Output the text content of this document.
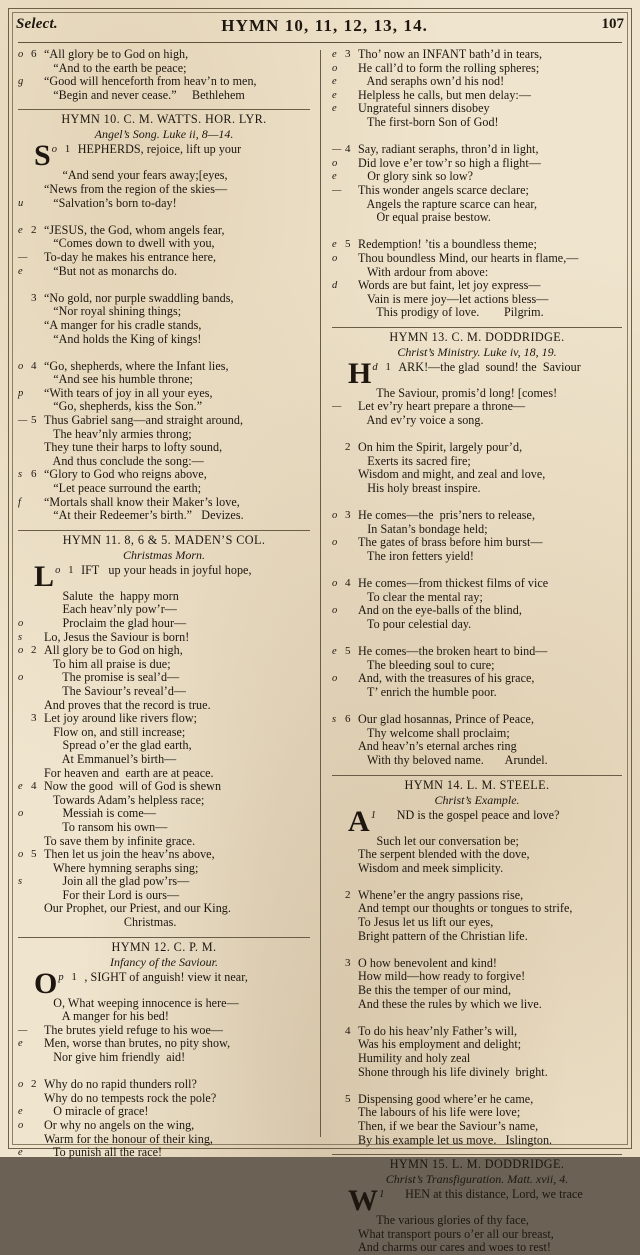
Select.	HYMN 10, 11, 12, 13, 14.	107
o 6 “All glory be to God on high,
“And to the earth be peace;
g “Good will henceforth from heav’n to men,
“Begin and never cease.”     Bethlehem
HYMN 10. C. M. WATTS. HOR. LYR.
Angel’s Song. Luke ii, 8—14.
o 1
S HEPHERDS, rejoice, lift up your
“And send your fears away;[eyes,
“News from the region of the skies—
u   “Salvation’s born to-day!
e 2 “JESUS, the God, whom angels fear,
“Comes down to dwell with you,
— To-day he makes his entrance here,
e   “But not as monarchs do.
3 “No gold, nor purple swaddling bands,
“Nor royal shining things;
“A manger for his cradle stands,
“And holds the King of kings!
o 4 “Go, shepherds, where the Infant lies,
“And see his humble throne;
p “With tears of joy in all your eyes,
“Go, shepherds, kiss the Son.”
— 5 Thus Gabriel sang—and straight around,
The heav’nly armies throng;
They tune their harps to lofty sound,
And thus conclude the song:—
s 6 “Glory to God who reigns above,
“Let peace surround the earth;
f “Mortals shall know their Maker’s love,
“At their Redeemer’s birth.”   Devizes.
HYMN 11. 8, 6 & 5. MADEN’S COL.
Christmas Morn.
o 1
L IFT   up your heads in joyful hope,
Salute  the  happy morn
Each heav’nly pow’r—
o      Proclaim the glad hour—
s Lo, Jesus the Saviour is born!
o 2 All glory be to God on high,
To him all praise is due;
o      The promise is seal’d—
The Saviour’s reveal’d—
And proves that the record is true.
3 Let joy around like rivers flow;
Flow on, and still increase;
Spread o’er the glad earth,
At Emmanuel’s birth—
For heaven and  earth are at peace.
e 4 Now the good  will of God is shewn
Towards Adam’s helpless race;
o      Messiah is come—
To ransom his own—
To save them by infinite grace.
o 5 Then let us join the heav’ns above,
Where hymning seraphs sing;
s      Join all the glad pow’rs—
For their Lord is ours—
Our Prophet, our Priest, and our King.
Christmas.
HYMN 12. C. P. M.
Infancy of the Saviour.
p 1
O , SIGHT of anguish! view it near,
O, What weeping innocence is here—
A manger for his bed!
— The brutes yield refuge to his woe—
e Men, worse than brutes, no pity show,
Nor give him friendly  aid!
o 2 Why do no rapid thunders roll?
Why do no tempests rock the pole?
e   O miracle of grace!
o Or why no angels on the wing,
Warm for the honour of their king,
e   To punish all the race!
e 3 Tho’ now an INFANT bath’d in tears,
o He call’d to form the rolling spheres;
e   And seraphs own’d his nod!
e Helpless he calls, but men delay:—
e Ungrateful sinners disobey
The first-born Son of God!
— 4 Say, radiant seraphs, thron’d in light,
o Did love e’er tow’r so high a flight—
e   Or glory sink so low?
— This wonder angels scarce declare;
Angels the rapture scarce can hear,
Or equal praise bestow.
e 5 Redemption! ’tis a boundless theme;
o Thou boundless Mind, our hearts in flame,—
With ardour from above:
d Words are but faint, let joy express—
Vain is mere joy—let actions bless—
This prodigy of love.        Pilgrim.
HYMN 13. C. M. DODDRIDGE.
Christ’s Ministry. Luke iv, 18, 19.
d 1
H ARK!—the glad  sound! the  Saviour
The Saviour, promis’d long! [comes!
— Let ev’ry heart prepare a throne—
And ev’ry voice a song.
2 On him the Spirit, largely pour’d,
Exerts its sacred fire;
Wisdom and might, and zeal and love,
His holy breast inspire.
o 3 He comes—the  pris’ners to release,
In Satan’s bondage held;
o The gates of brass before him burst—
The iron fetters yield!
o 4 He comes—from thickest films of vice
To clear the mental ray;
o And on the eye-balls of the blind,
To pour celestial day.
e 5 He comes—the broken heart to bind—
The bleeding soul to cure;
o And, with the treasures of his grace,
T’ enrich the humble poor.
s 6 Our glad hosannas, Prince of Peace,
Thy welcome shall proclaim;
And heav’n’s eternal arches ring
With thy beloved name.       Arundel.
HYMN 14. L. M. STEELE.
Christ’s Example.
1
A ND is the gospel peace and love?
Such let our conversation be;
The serpent blended with the dove,
Wisdom and meek simplicity.
2 Whene’er the angry passions rise,
And tempt our thoughts or tongues to strife,
To Jesus let us lift our eyes,
Bright pattern of the Christian life.
3 O how benevolent and kind!
How mild—how ready to forgive!
Be this the temper of our mind,
And these the rules by which we live.
4 To do his heav’nly Father’s will,
Was his employment and delight;
Humility and holy zeal
Shone through his life divinely  bright.
5 Dispensing good where’er he came,
The labours of his life were love;
Then, if we bear the Saviour’s name,
By his example let us move.   Islington.
HYMN 15. L. M. DODDRIDGE.
Christ’s Transfiguration. Matt. xvii, 4.
1
W HEN at this distance, Lord, we trace
The various glories of thy face,
What transport pours o’er all our breast,
And charms our cares and woes to rest!
